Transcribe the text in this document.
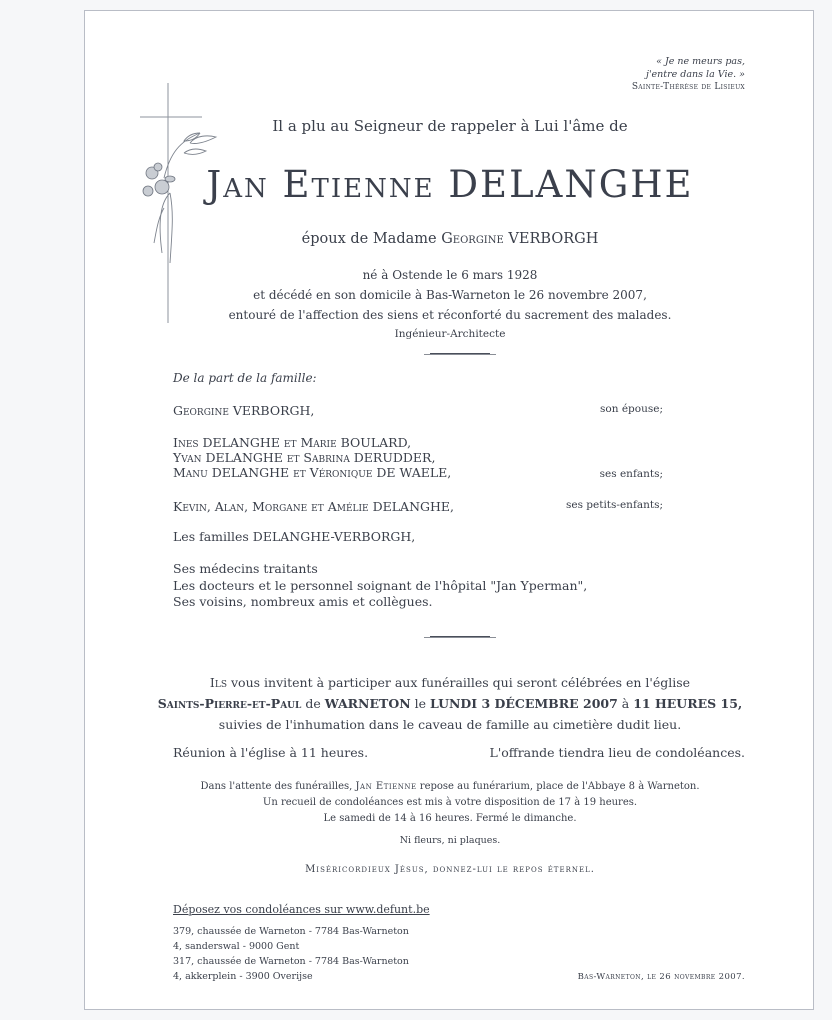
« Je ne meurs pas,
j'entre dans la Vie. »
Sainte-Thérèse de Lisieux
Il a plu au Seigneur de rappeler à Lui l'âme de
Jan Etienne DELANGHE
époux de Madame Georgine VERBORGH
né à Ostende le 6 mars 1928
et décédé en son domicile à Bas-Warneton le 26 novembre 2007,
entouré de l'affection des siens et réconforté du sacrement des malades.
Ingénieur-Architecte
De la part de la famille:
Georgine VERBORGH,	son épouse;
Ines DELANGHE et Marie BOULARD,
Yvan DELANGHE et Sabrina DERUDDER,
Manu DELANGHE et Véronique DE WAELE,	ses enfants;
Kevin, Alan, Morgane et Amélie DELANGHE,	ses petits-enfants;
Les familles DELANGHE-VERBORGH,
Ses médecins traitants
Les docteurs et le personnel soignant de l'hôpital "Jan Yperman",
Ses voisins, nombreux amis et collègues.
Ils vous invitent à participer aux funérailles qui seront célébrées en l'église
Saints-Pierre-et-Paul de WARNETON le LUNDI 3 DÉCEMBRE 2007 à 11 HEURES 15,
suivies de l'inhumation dans le caveau de famille au cimetière dudit lieu.
Réunion à l'église à 11 heures.	L'offrande tiendra lieu de condoléances.
Dans l'attente des funérailles, Jan Etienne repose au funérarium, place de l'Abbaye 8 à Warneton.
Un recueil de condoléances est mis à votre disposition de 17 à 19 heures.
Le samedi de 14 à 16 heures. Fermé le dimanche.
Ni fleurs, ni plaques.
Miséricordieux Jésus, donnez-lui le repos éternel.
Déposez vos condoléances sur www.defunt.be
379, chaussée de Warneton - 7784 Bas-Warneton
4, sanderswal - 9000 Gent
317, chaussée de Warneton - 7784 Bas-Warneton
4, akkerplein - 3900 Overijse	Bas-Warneton, le 26 novembre 2007.
